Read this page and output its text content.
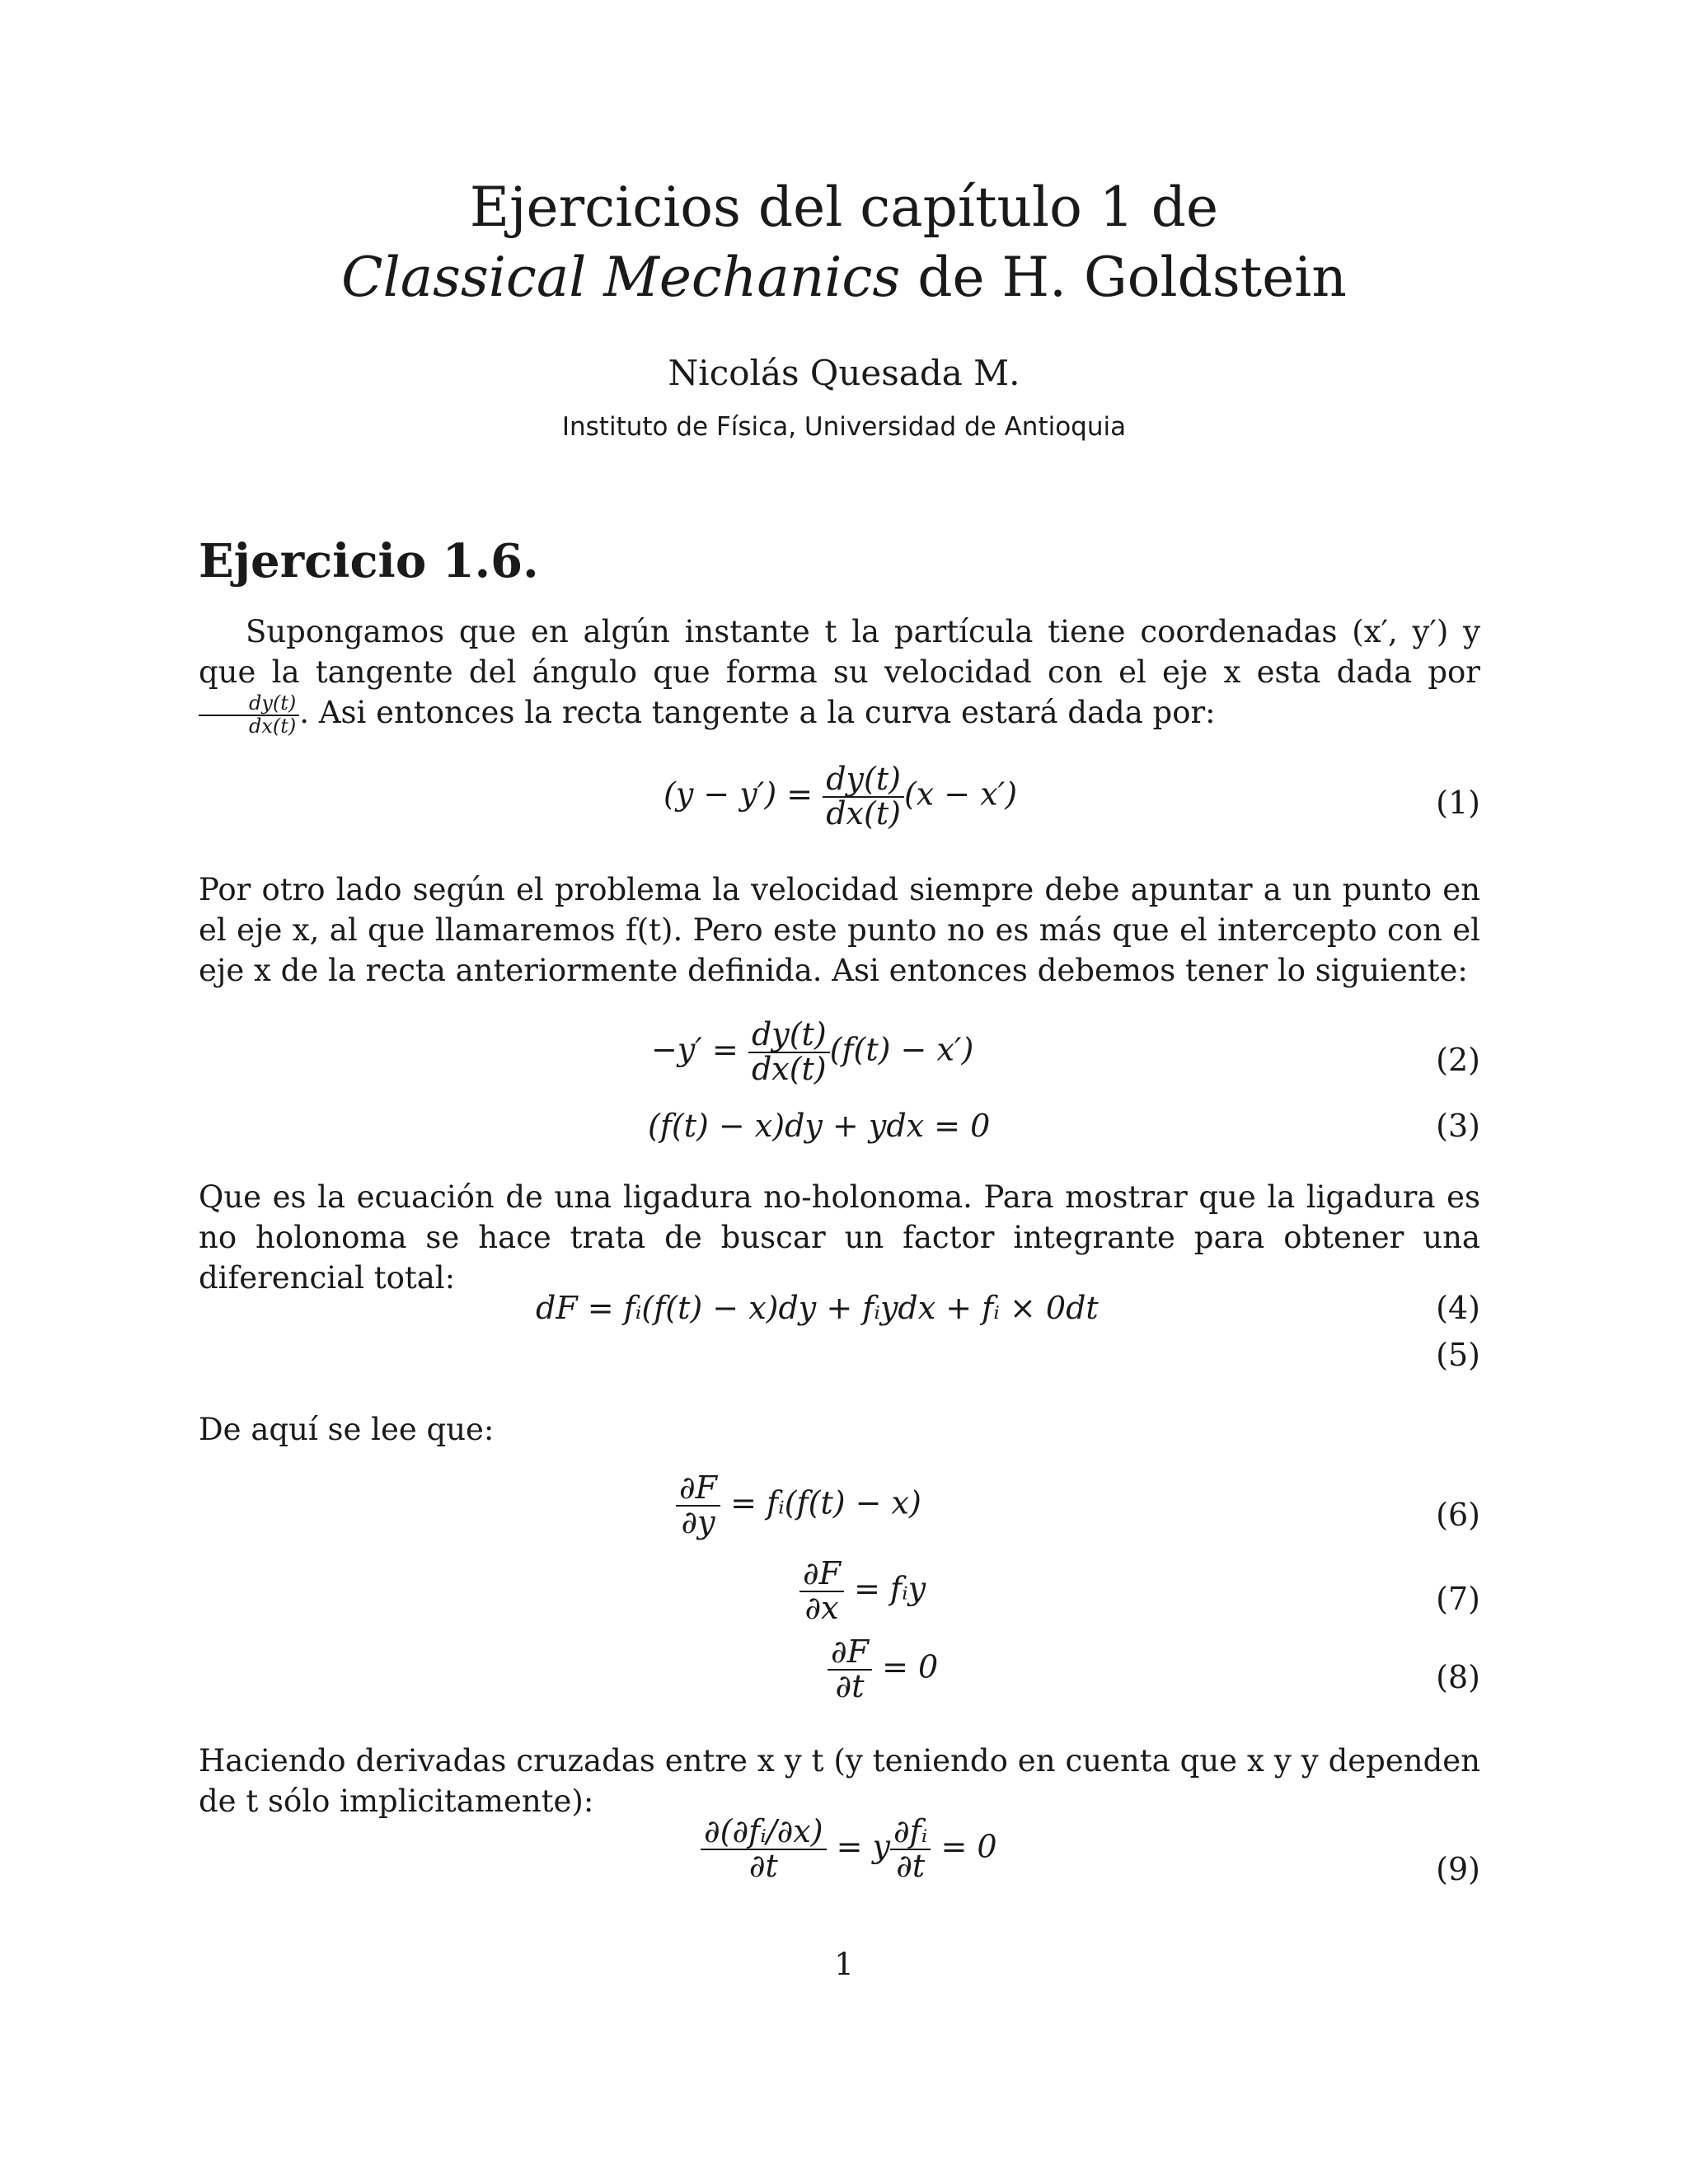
Ejercicios del capítulo 1 de
Classical Mechanics de H. Goldstein
Nicolás Quesada M.
Instituto de Física, Universidad de Antioquia
Ejercicio 1.6.
Supongamos que en algún instante t la partícula tiene coordenadas (x′, y′) y que la tangente del ángulo que forma su velocidad con el eje x esta dada por
$\frac{dy(t)}{dx(t)}$ . Asi entonces la recta tangente a la curva estará dada por:
$(y - y') = \frac{dy(t)}{dx(t)} (x - x')$	(1)
Por otro lado según el problema la velocidad siempre debe apuntar a un punto en el eje x, al que llamaremos f(t). Pero este punto no es más que el intercepto con el eje x de la recta anteriormente definida. Asi entonces debemos tener lo siguiente:
$-y' = \frac{dy(t)}{dx(t)} (f(t) - x')$	(2)
(f(t) − x)dy + ydx = 0	(3)
Que es la ecuación de una ligadura no-holonoma. Para mostrar que la ligadura es no holonoma se hace trata de buscar un factor integrante para obtener una diferencial total:
dF = fᵢ(f(t) − x)dy + fᵢydx + fᵢ × 0dt	(4)
(5)
De aquí se lee que:
$\frac{\partial F}{\partial y}$ = fᵢ(f(t) − x)	(6)
$\frac{\partial F}{\partial x}$ = fᵢy	(7)
$\frac{\partial F}{\partial t} = 0$	(8)
Haciendo derivadas cruzadas entre x y t (y teniendo en cuenta que x y y dependen de t sólo implicitamente):
$\frac{\text{∂(∂fᵢ/∂x)}}{\partial t} = y \frac{\text{∂fᵢ}}{\partial t} = 0$
(9)
1
